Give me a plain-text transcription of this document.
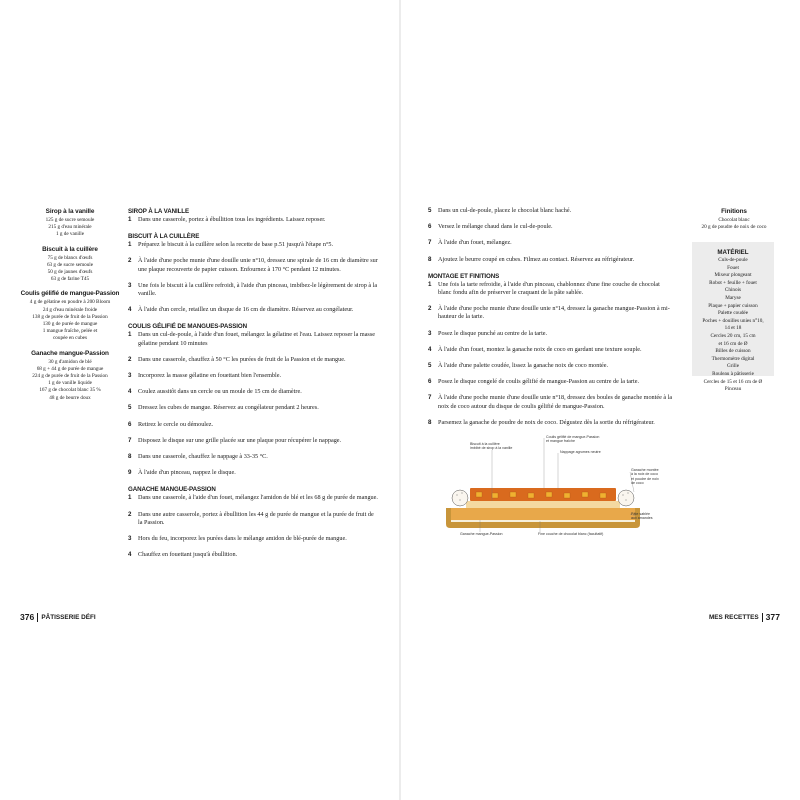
Sirop à la vanille
125 g de sucre semoule
215 g d'eau minérale
1 g de vanille
Biscuit à la cuillère
75 g de blancs d'œufs
63 g de sucre semoule
50 g de jaunes d'œufs
63 g de farine T45
Coulis gélifié de mangue-Passion
4 g de gélatine en poudre à 200 Bloom
24 g d'eau minérale froide
138 g de purée de fruit de la Passion
130 g de purée de mangue
1 mangue fraîche, pelée et
coupée en cubes
Ganache mangue-Passion
30 g d'amidon de blé
68 g + 44 g de purée de mangue
224 g de purée de fruit de la Passion
1 g de vanille liquide
167 g de chocolat blanc 35 %
48 g de beurre doux
SIROP À LA VANILLE
1	Dans une casserole, portez à ébullition tous les ingrédients. Laissez reposer.
BISCUIT À LA CUILLÈRE
1	Préparez le biscuit à la cuillère selon la recette de base p.51 jusqu'à l'étape n°5.
2	À l'aide d'une poche munie d'une douille unie n°10, dressez une spirale de 16 cm de diamètre sur une plaque recouverte de papier cuisson. Enfournez à 170 °C pendant 12 minutes.
3	Une fois le biscuit à la cuillère refroidi, à l'aide d'un pinceau, imbibez-le légèrement de sirop à la vanille.
4	À l'aide d'un cercle, retaillez un disque de 16 cm de diamètre. Réservez au congélateur.
COULIS GÉLIFIÉ DE MANGUES-PASSION
1	Dans un cul-de-poule, à l'aide d'un fouet, mélangez la gélatine et l'eau. Laissez reposer la masse gélatine pendant 10 minutes
2	Dans une casserole, chauffez à 50 °C les purées de fruit de la Passion et de mangue.
3	Incorporez la masse gélatine en fouettant bien l'ensemble.
4	Coulez aussitôt dans un cercle ou un moule de 15 cm de diamètre.
5	Dressez les cubes de mangue. Réservez au congélateur pendant 2 heures.
6	Retirez le cercle ou démoulez.
7	Disposez le disque sur une grille placée sur une plaque pour récupérer le nappage.
8	Dans une casserole, chauffez le nappage à 33-35 °C.
9	À l'aide d'un pinceau, nappez le disque.
GANACHE MANGUE-PASSION
1	Dans une casserole, à l'aide d'un fouet, mélangez l'amidon de blé et les 68 g de purée de mangue.
2	Dans une autre casserole, portez à ébullition les 44 g de purée de mangue et la purée de fruit de la Passion.
3	Hors du feu, incorporez les purées dans le mélange amidon de blé-purée de mangue.
4	Chauffez en fouettant jusqu'à ébullition.
376 PÂTISSERIE DÉFI	MES RECETTES 377
5	Dans un cul-de-poule, placez le chocolat blanc haché.
6	Versez le mélange chaud dans le cul-de-poule.
7	À l'aide d'un fouet, mélangez.
8	Ajoutez le beurre coupé en cubes. Filmez au contact. Réservez au réfrigérateur.
MONTAGE ET FINITIONS
1	Une fois la tarte refroidie, à l'aide d'un pinceau, chablonnez d'une fine couche de chocolat blanc fondu afin de préserver le craquant de la pâte sablée.
2	À l'aide d'une poche munie d'une douille unie n°14, dressez la ganache mangue-Passion à mi-hauteur de la tarte.
3	Posez le disque punché au centre de la tarte.
4	À l'aide d'un fouet, montez la ganache noix de coco en gardant une texture souple.
5	À l'aide d'une palette coudée, lissez la ganache noix de coco montée.
6	Posez le disque congelé de coulis gélifié de mangue-Passion au centre de la tarte.
7	À l'aide d'une poche munie d'une douille unie n°18, dressez des boules de ganache montée à la noix de coco autour du disque de coulis gélifié de mangue-Passion.
8	Parsemez la ganache de poudre de noix de coco. Dégustez dès la sortie du réfrigérateur.
Finitions
Chocolat blanc
20 g de poudre de noix de coco
MATÉRIEL
Culs-de-poule
Fouet
Mixeur plongeant
Robot + feuille + fouet
Chinois
Maryse
Plaque + papier cuisson
Palette coudée
Poches + douilles unies n°10,
14 et 18
Cercles 20 cm, 15 cm
et 16 cm de Ø
Billes de cuisson
Thermomètre digital
Grille
Rouleau à pâtisserie
Cercles de 15 et 16 cm de Ø
Pinceau
Biscuit à la cuillère
imbibé de sirop à la vanille
Coulis gélifié de mangue-Passion
et mangue fraîche
Nappage agrumes neutre
Ganache montée
à la noix de coco
et poudre de noix
de coco
Pâte sablée
aux amandes
Ganache mangue-Passion	Fine couche de chocolat blanc (facultatif)
